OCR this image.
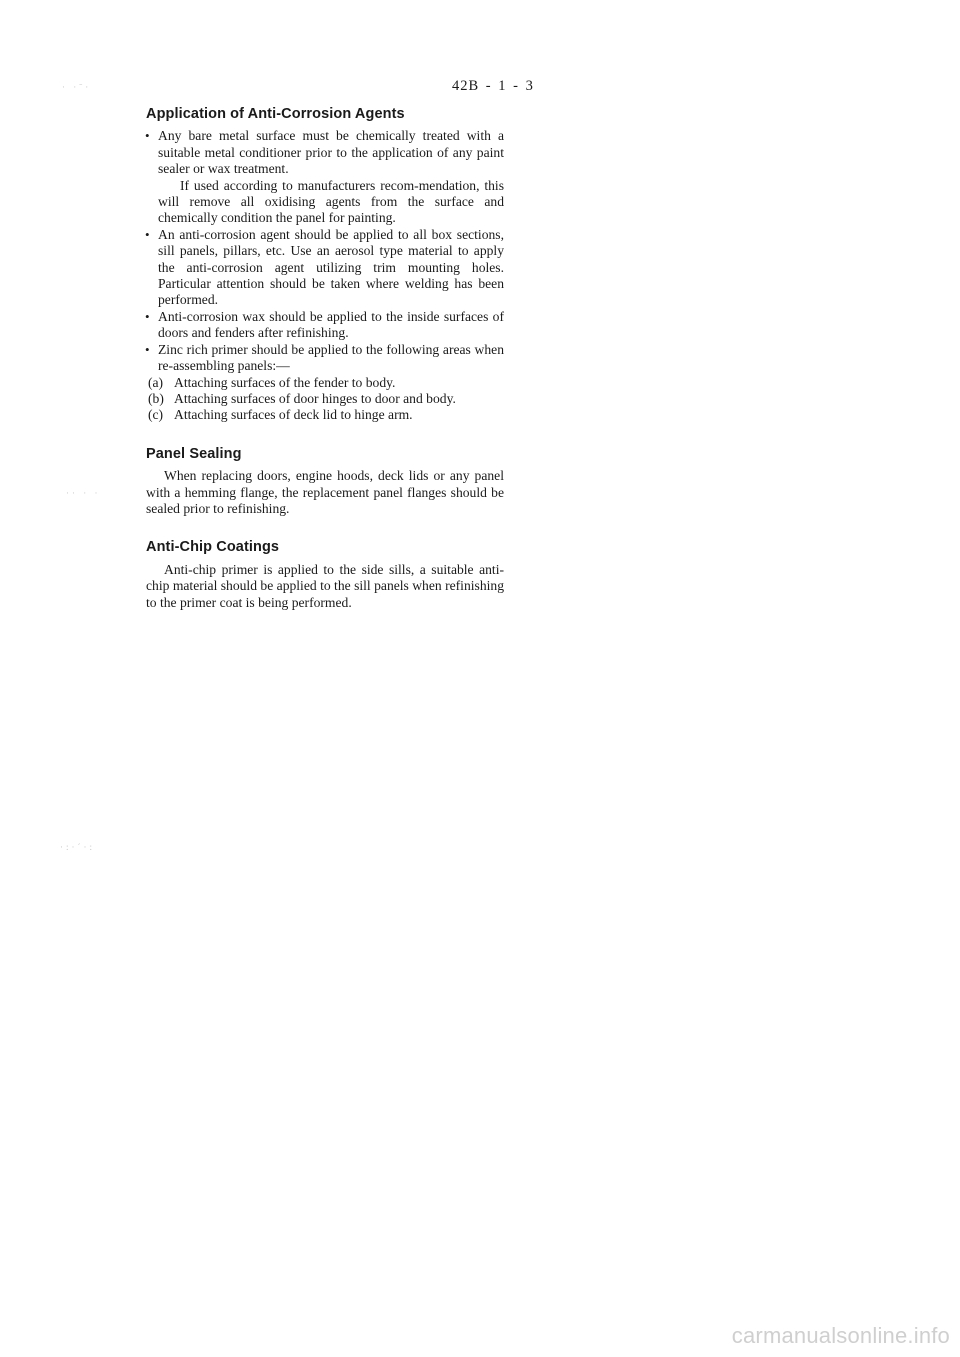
42B - 1 - 3
· ·ˉ·
·· · ·
·:·ˊ·:
Application of Anti-Corrosion Agents
• Any bare metal surface must be chemically treated with a suitable metal conditioner prior to the application of any paint sealer or wax treatment.
If used according to manufacturers recom-mendation, this will remove all oxidising agents from the surface and chemically condition the panel for painting.
• An anti-corrosion agent should be applied to all box sections, sill panels, pillars, etc. Use an aerosol type material to apply the anti-corrosion agent utilizing trim mounting holes. Particular attention should be taken where welding has been performed.
• Anti-corrosion wax should be applied to the inside surfaces of doors and fenders after refinishing.
• Zinc rich primer should be applied to the following areas when re-assembling panels:—
(a) Attaching surfaces of the fender to body.
(b) Attaching surfaces of door hinges to door and body.
(c) Attaching surfaces of deck lid to hinge arm.
Panel Sealing

When replacing doors, engine hoods, deck lids or any panel with a hemming flange, the replacement panel flanges should be sealed prior to refinishing.

Anti-Chip Coatings

Anti-chip primer is applied to the side sills, a suitable anti-chip material should be applied to the sill panels when refinishing to the primer coat is being performed.

carmanualsonline.info
